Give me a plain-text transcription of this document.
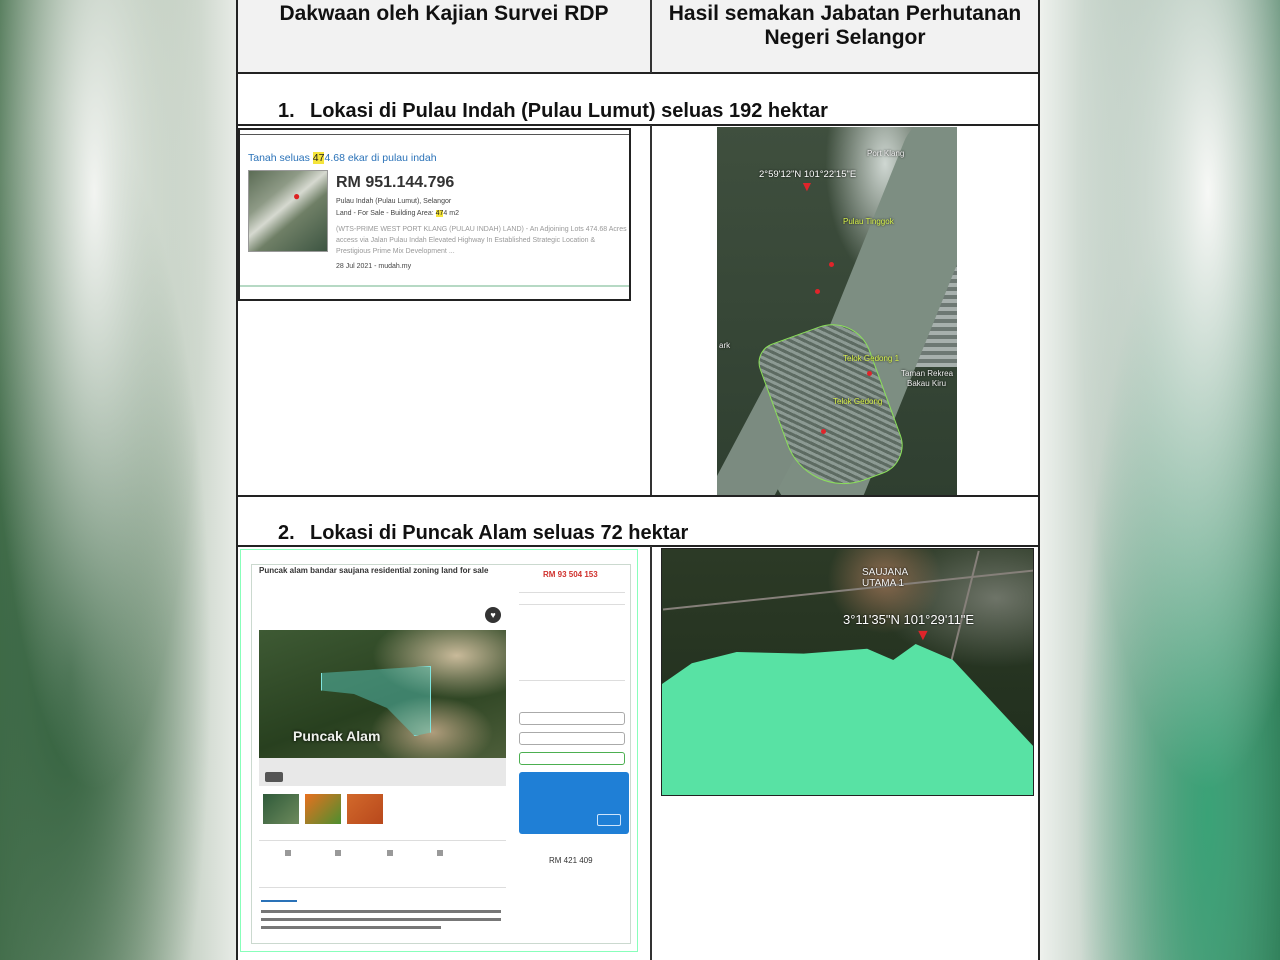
Dakwaan oleh Kajian Survei RDP	Hasil semakan Jabatan Perhutanan
Negeri Selangor
1. Lokasi di Pulau Indah (Pulau Lumut) seluas 192 hektar
Tanah seluas 474.68 ekar di pulau indah
●
RM 951.144.796
Pulau Indah (Pulau Lumut), Selangor
Land - For Sale - Building Area: 474 m2
(WTS-PRIME WEST PORT KLANG (PULAU INDAH) LAND) - An Adjoining Lots 474.68 Acres
access via Jalan Pulau Indah Elevated Highway In Established Strategic Location &
Prestigious Prime Mix Development ...
28 Jul 2021 - mudah.my
Port Klang
2°59'12"N 101°22'15"E
▼
Pulau Tinggok
ark
Telok Gedong 1
Taman Rekrea
Bakau Kiru
Telok Gedong
2. Lokasi di Puncak Alam seluas 72 hektar
Puncak alam bandar saujana residential zoning land for sale	RM 93 504 153
Puncak Alam
♥
RM 421 409
SAUJANA
UTAMA 1
3°11'35"N 101°29'11"E
▼
